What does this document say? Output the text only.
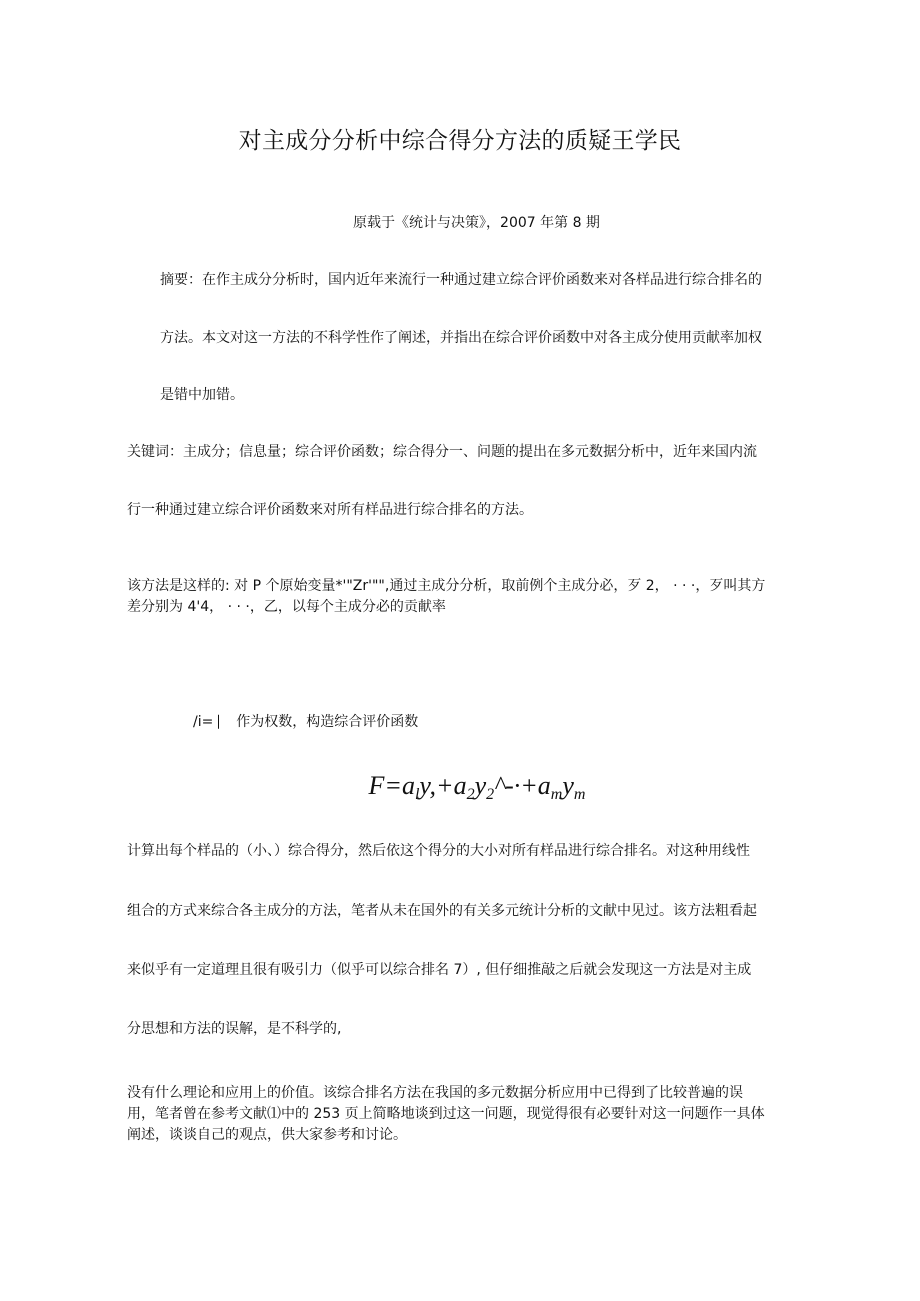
对主成分分析中综合得分方法的质疑王学民

原载于《统计与决策》，2007 年第 8 期

摘要：在作主成分分析时，国内近年来流行一种通过建立综合评价函数来对各样品进行综合排名的

方法。本文对这一方法的不科学性作了阐述，并指出在综合评价函数中对各主成分使用贡献率加权

是错中加错。

关键词：主成分；信息量；综合评价函数；综合得分一、问题的提出在多元数据分析中，近年来国内流

行一种通过建立综合评价函数来对所有样品进行综合排名的方法。

该方法是这样的: 对 P 个原始变量*'"Zr'"",通过主成分分析，取前例个主成分必，歹 2， · · ·，歹叫其方

差分别为 4'4， · · ·，乙，以每个主成分必的贡献率

/i= ⎸ 作为权数，构造综合评价函数

$F=a_ly,+a_2y_2\^{}-\cdot+a_my_m$

计算出每个样品的（小、）综合得分，然后依这个得分的大小对所有样品进行综合排名。对这种用线性

组合的方式来综合各主成分的方法，笔者从未在国外的有关多元统计分析的文献中见过。该方法粗看起

来似乎有一定道理且很有吸引力（似乎可以综合排名 7）, 但仔细推敲之后就会发现这一方法是对主成

分思想和方法的误解，是不科学的,

没有什么理论和应用上的价值。该综合排名方法在我国的多元数据分析应用中已得到了比较普遍的误

用，笔者曾在参考文献⑴中的 253 页上简略地谈到过这一问题，现觉得很有必要针对这一问题作一具体

阐述，谈谈自己的观点，供大家参考和讨论。
